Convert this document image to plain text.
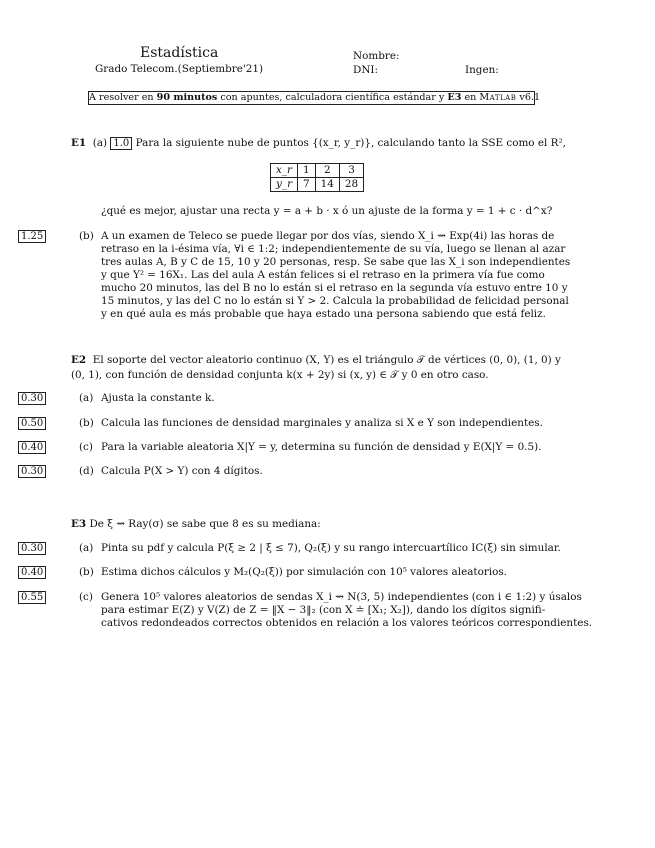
Estadística
Grado Telecom.(Septiembre'21)
Nombre:
DNI:	Ingen:
A resolver en 90 minutos con apuntes, calculadora científica estándar y E3 en Matlab v6.1
E1 (a) 1.0 Para la siguiente nube de puntos {(x_r, y_r)}, calculando tanto la SSE como el R²,
x_r	1	2	3
y_r	7	14	28
¿qué es mejor, ajustar una recta y = a + b · x ó un ajuste de la forma y = 1 + c · d^x?
1.25	(b) A un examen de Teleco se puede llegar por dos vías, siendo X_i ⇝ Exp(4i) las horas de
retraso en la i-ésima vía, ∀i ∈ 1:2; independientemente de su vía, luego se llenan al azar
tres aulas A, B y C de 15, 10 y 20 personas, resp. Se sabe que las X_i son independientes
y que Y² = 16X₁. Las del aula A están felices si el retraso en la primera vía fue como
mucho 20 minutos, las del B no lo están si el retraso en la segunda vía estuvo entre 10 y
15 minutos, y las del C no lo están si Y > 2. Calcula la probabilidad de felicidad personal
y en qué aula es más probable que haya estado una persona sabiendo que está feliz.
E2 El soporte del vector aleatorio continuo (X, Y) es el triángulo 𝒯 de vértices (0, 0), (1, 0) y
(0, 1), con función de densidad conjunta k(x + 2y) si (x, y) ∈ 𝒯 y 0 en otro caso.
0.30	(a) Ajusta la constante k.
0.50	(b) Calcula las funciones de densidad marginales y analiza si X e Y son independientes.
0.40	(c) Para la variable aleatoria X|Y = y, determina su función de densidad y E(X|Y = 0.5).
0.30	(d) Calcula P(X > Y) con 4 dígitos.
E3 De ξ ⇝ Ray(σ) se sabe que 8 es su mediana:
0.30	(a) Pinta su pdf y calcula P(ξ ≥ 2 | ξ ≤ 7), Q₂(ξ) y su rango intercuartílico IC(ξ) sin simular.
0.40	(b) Estima dichos cálculos y M₂(Q₂(ξ)) por simulación con 10⁵ valores aleatorios.
0.55	(c) Genera 10⁵ valores aleatorios de sendas X_i ⇝ N(3, 5) independientes (con i ∈ 1:2) y úsalos
para estimar E(Z) y V(Z) de Z = ‖X − 3‖₂ (con X ≐ [X₁; X₂]), dando los dígitos signifi-
cativos redondeados correctos obtenidos en relación a los valores teóricos correspondientes.
